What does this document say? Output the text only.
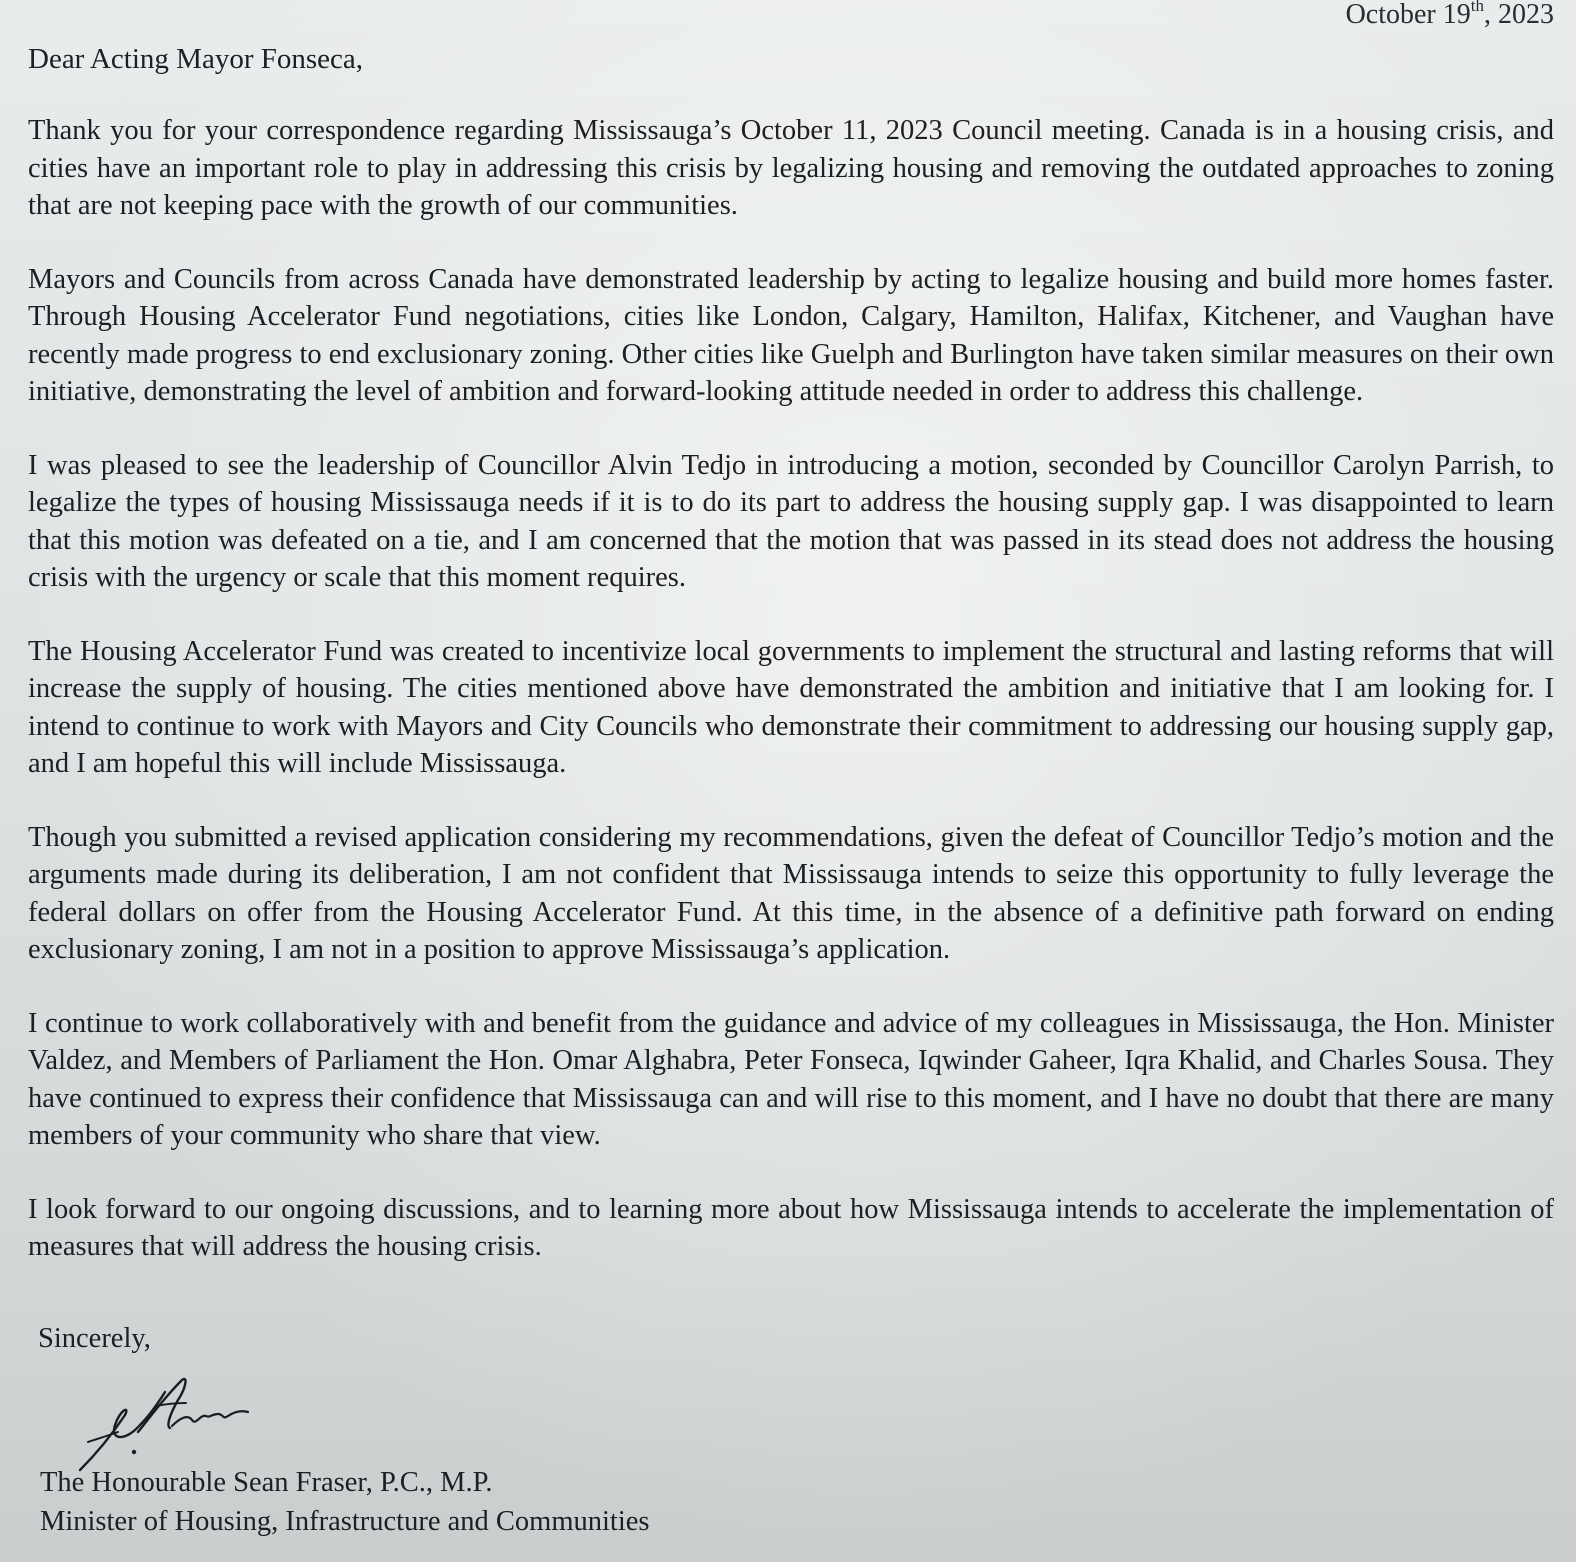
October 19th, 2023
Dear Acting Mayor Fonseca,

Thank you for your correspondence regarding Mississauga’s October 11, 2023 Council meeting. Canada is in a housing crisis, and cities have an important role to play in addressing this crisis by legalizing housing and removing the outdated approaches to zoning that are not keeping pace with the growth of our communities.

Mayors and Councils from across Canada have demonstrated leadership by acting to legalize housing and build more homes faster. Through Housing Accelerator Fund negotiations, cities like London, Calgary, Hamilton, Halifax, Kitchener, and Vaughan have recently made progress to end exclusionary zoning. Other cities like Guelph and Burlington have taken similar measures on their own initiative, demonstrating the level of ambition and forward-looking attitude needed in order to address this challenge.

I was pleased to see the leadership of Councillor Alvin Tedjo in introducing a motion, seconded by Councillor Carolyn Parrish, to legalize the types of housing Mississauga needs if it is to do its part to address the housing supply gap. I was disappointed to learn that this motion was defeated on a tie, and I am concerned that the motion that was passed in its stead does not address the housing crisis with the urgency or scale that this moment requires.

The Housing Accelerator Fund was created to incentivize local governments to implement the structural and lasting reforms that will increase the supply of housing. The cities mentioned above have demonstrated the ambition and initiative that I am looking for. I intend to continue to work with Mayors and City Councils who demonstrate their commitment to addressing our housing supply gap, and I am hopeful this will include Mississauga.

Though you submitted a revised application considering my recommendations, given the defeat of Councillor Tedjo’s motion and the arguments made during its deliberation, I am not confident that Mississauga intends to seize this opportunity to fully leverage the federal dollars on offer from the Housing Accelerator Fund. At this time, in the absence of a definitive path forward on ending exclusionary zoning, I am not in a position to approve Mississauga’s application.

I continue to work collaboratively with and benefit from the guidance and advice of my colleagues in Mississauga, the Hon. Minister Valdez, and Members of Parliament the Hon. Omar Alghabra, Peter Fonseca, Iqwinder Gaheer, Iqra Khalid, and Charles Sousa. They have continued to express their confidence that Mississauga can and will rise to this moment, and I have no doubt that there are many members of your community who share that view.

I look forward to our ongoing discussions, and to learning more about how Mississauga intends to accelerate the implementation of measures that will address the housing crisis.

Sincerely,
The Honourable Sean Fraser, P.C., M.P.
Minister of Housing, Infrastructure and Communities
